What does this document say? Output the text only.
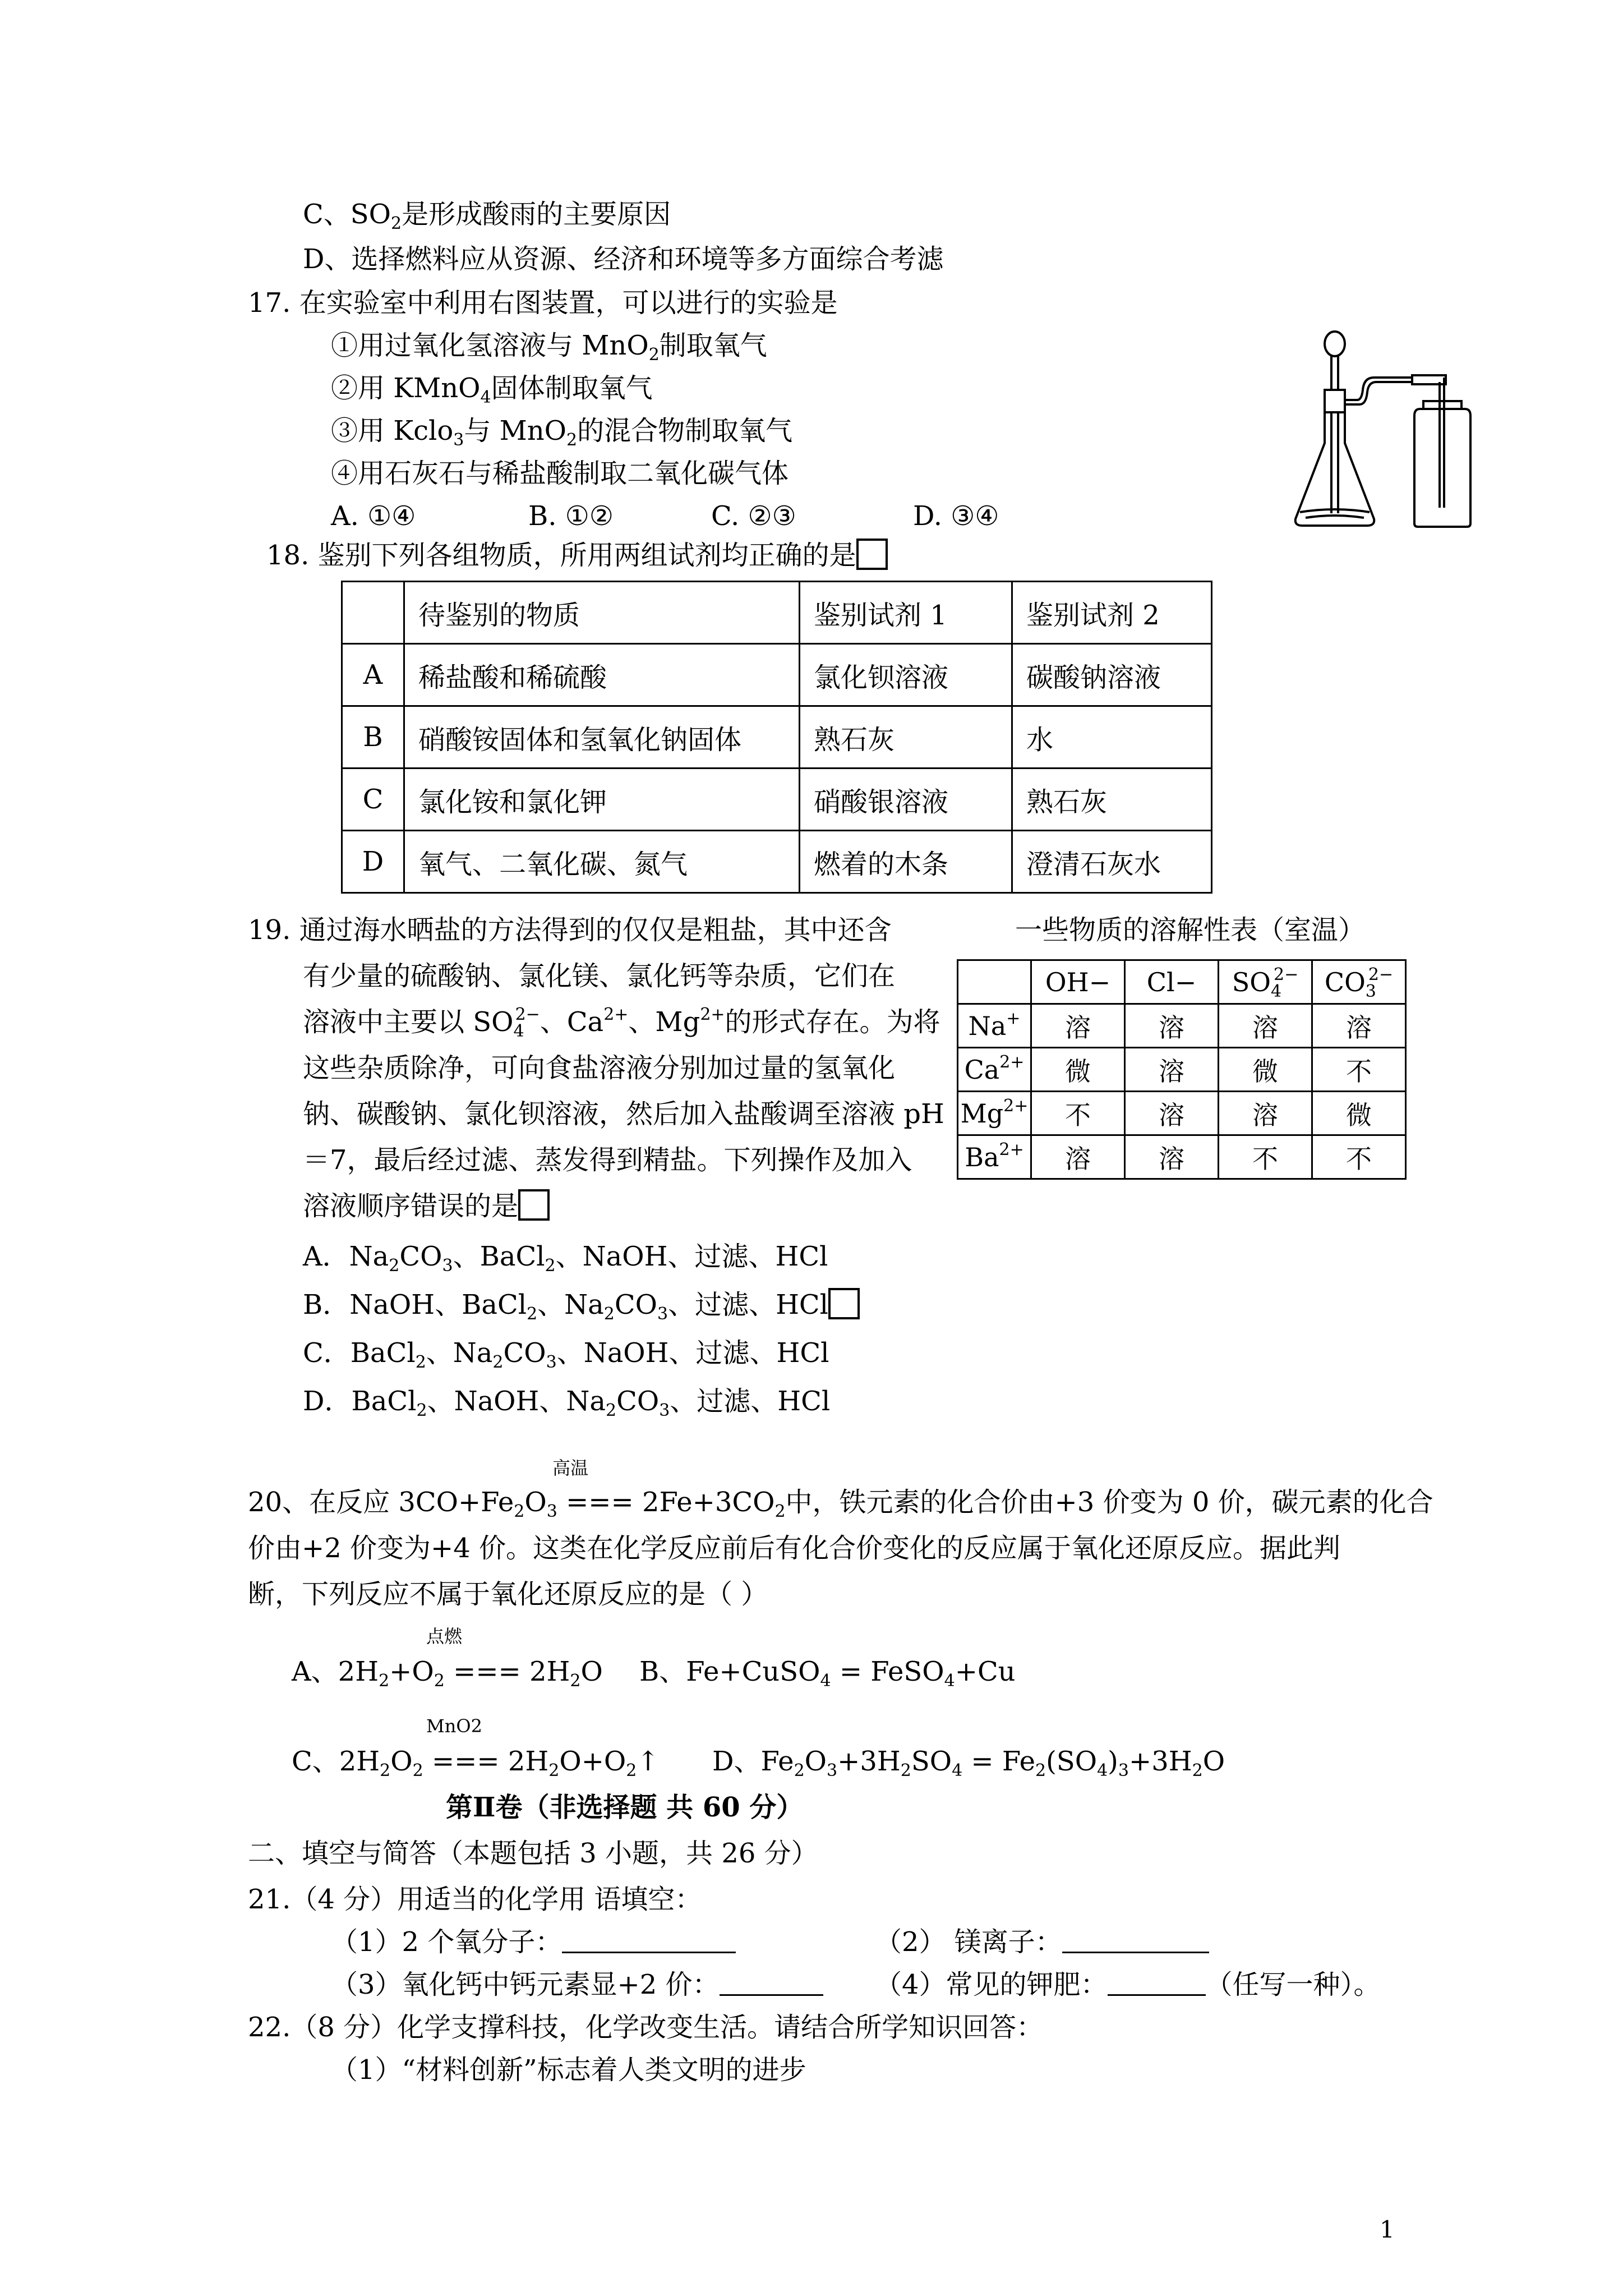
C、$SO_2$是形成酸雨的主要原因
D、选择燃料应从资源、经济和环境等多方面综合考滤
17. 在实验室中利用右图装置，可以进行的实验是
①用过氧化氢溶液与 MnO$_2$制取氧气
②用 KMnO$_4$固体制取氧气
③用 Kclo$_3$与 MnO$_2$的混合物制取氧气
④用石灰石与稀盐酸制取二氧化碳气体
A. ①④	B. ①②	C. ②③	D. ③④
18. 鉴别下列各组物质，所用两组试剂均正确的是
	待鉴别的物质	鉴别试剂 1	鉴别试剂 2
A	稀盐酸和稀硫酸	氯化钡溶液	碳酸钠溶液
B	硝酸铵固体和氢氧化钠固体	熟石灰	水
C	氯化铵和氯化钾	硝酸银溶液	熟石灰
D	氧气、二氧化碳、氮气	燃着的木条	澄清石灰水
19. 通过海水晒盐的方法得到的仅仅是粗盐，其中还含
有少量的硫酸钠、氯化镁、氯化钙等杂质，它们在
溶液中主要以 $SO_4^{2-}$、$Ca^{2+}$、$Mg^{2+}$的形式存在。为将
这些杂质除净，可向食盐溶液分别加过量的氢氧化
钠、碳酸钠、氯化钡溶液，然后加入盐酸调至溶液 pH
＝7，最后经过滤、蒸发得到精盐。下列操作及加入
溶液顺序错误的是
A．$Na_2CO_3$、BaCl$_2$、NaOH、过滤、HCl
B．NaOH、BaCl$_2$、$Na_2CO_3$、过滤、HCl
C．BaCl$_2$、$Na_2CO_3$、NaOH、过滤、HCl
D．BaCl$_2$、NaOH、$Na_2CO_3$、过滤、HCl
一些物质的溶解性表（室温）
	OH−	Cl−	$SO_4^{2-}$	$CO_3^{2-}$
Na+	溶	溶	溶	溶
$Ca^{2+}$	微	溶	微	不
$Mg^{2+}$	不	溶	溶	微
$Ba^{2+}$	溶	溶	不	不
高温
20、在反应 $3CO+Fe_2O_3$ === $2Fe+3CO_2$中，铁元素的化合价由+3 价变为 0 价，碳元素的化合
价由+2 价变为+4 价。这类在化学反应前后有化合价变化的反应属于氧化还原反应。据此判
断，下列反应不属于氧化还原反应的是（ ）
点燃
A、$2H_2+O_2$ === $2H_2O$ B、Fe+CuSO$_4$ = FeSO$_4$+Cu
MnO2
C、$2H_2O_2$ === $2H_2O+O_2↑$ D、$Fe_2O_3+3H_2SO_4 = Fe_2(SO_4)_3+3H_2O$
第Ⅱ卷（非选择题 共 60 分）
二、填空与简答（本题包括 3 小题，共 26 分）
21.（4 分）用适当的化学用 语填空：
（1）2 个氧分子：	（2） 镁离子：
（3）氧化钙中钙元素显+2 价：	（4）常见的钾肥：	（任写一种）。
22.（8 分）化学支撑科技，化学改变生活。请结合所学知识回答：
（1）“材料创新”标志着人类文明的进步
1
